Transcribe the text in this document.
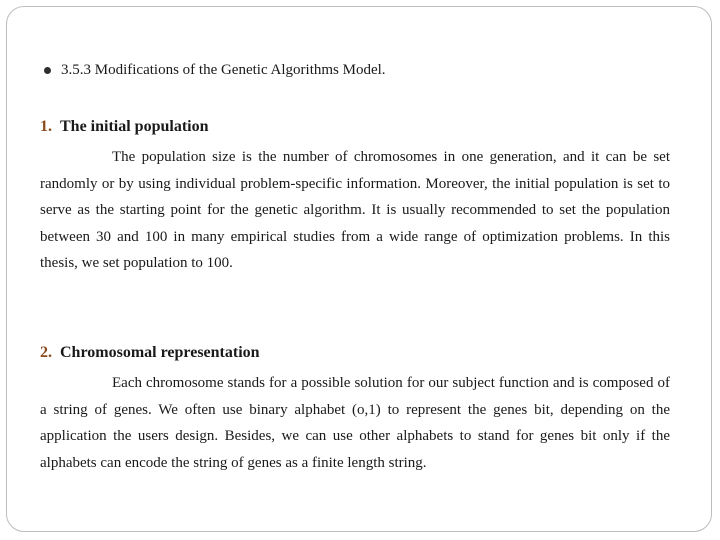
3.5.3 Modifications of the Genetic Algorithms Model.
1. The initial population

The population size is the number of chromosomes in one generation, and it can be set randomly or by using individual problem-specific information. Moreover, the initial population is set to serve as the starting point for the genetic algorithm. It is usually recommended to set the population between 30 and 100 in many empirical studies from a wide range of optimization problems. In this thesis, we set population to 100.

2. Chromosomal representation

Each chromosome stands for a possible solution for our subject function and is composed of a string of genes. We often use binary alphabet (o,1) to represent the genes bit, depending on the application the users design. Besides, we can use other alphabets to stand for genes bit only if the alphabets can encode the string of genes as a finite length string.
